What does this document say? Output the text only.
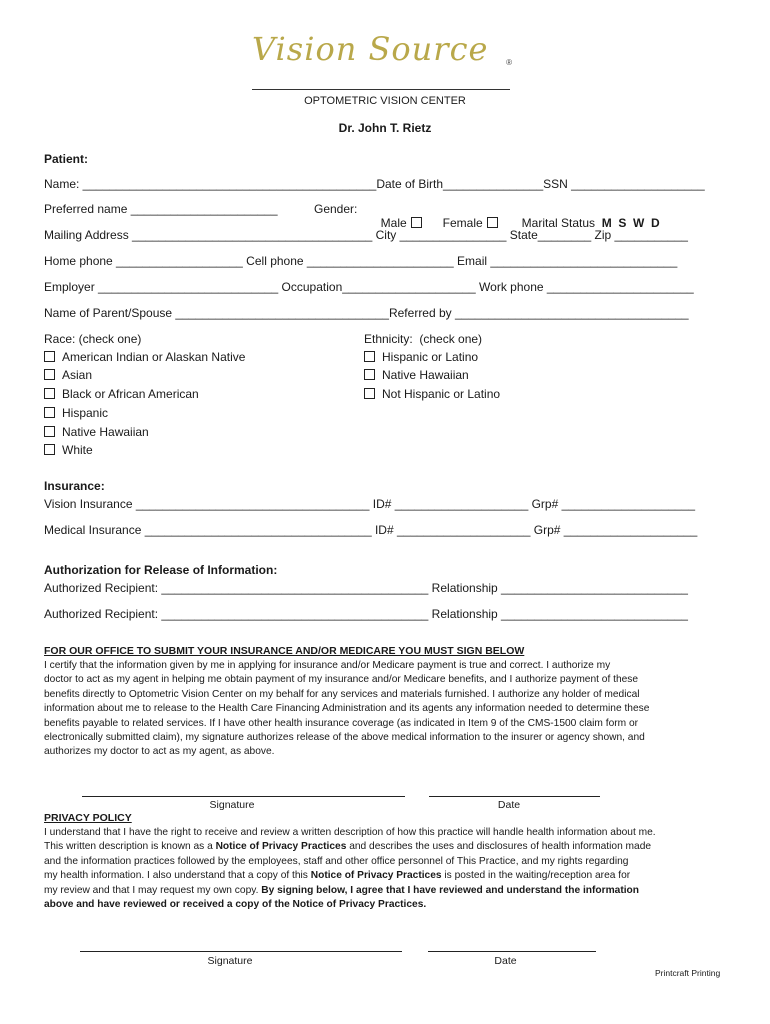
Vision Source ®
OPTOMETRIC VISION CENTER
Dr. John T. Rietz
Patient:
Name: ____________________________________________Date of Birth_______________SSN ____________________
Preferred name ______________________	Gender:

Male	Female	Marital Status M  S  W  D

Mailing Address ____________________________________ City ________________ State________ Zip ___________
Home phone ___________________ Cell phone ______________________ Email ____________________________
Employer ___________________________ Occupation____________________ Work phone ______________________
Name of Parent/Spouse ________________________________Referred by ___________________________________
Race: (check one)
American Indian or Alaskan Native
Asian
Black or African American
Hispanic
Native Hawaiian
White
Ethnicity:  (check one)
Hispanic or Latino
Native Hawaiian
Not Hispanic or Latino
Insurance:
Vision Insurance ___________________________________ ID# ____________________ Grp# ____________________
Medical Insurance __________________________________ ID# ____________________ Grp# ____________________
Authorization for Release of Information:
Authorized Recipient: ________________________________________ Relationship ____________________________
Authorized Recipient: ________________________________________ Relationship ____________________________
FOR OUR OFFICE TO SUBMIT YOUR INSURANCE AND/OR MEDICARE YOU MUST SIGN BELOW
I certify that the information given by me in applying for insurance and/or Medicare payment is true and correct. I authorize my
doctor to act as my agent in helping me obtain payment of my insurance and/or Medicare benefits, and I authorize payment of these
benefits directly to Optometric Vision Center on my behalf for any services and materials furnished. I authorize any holder of medical
information about me to release to the Health Care Financing Administration and its agents any information needed to determine these
benefits payable to related services. If I have other health insurance coverage (as indicated in Item 9 of the CMS-1500 claim form or
electronically submitted claim), my signature authorizes release of the above medical information to the insurer or agency shown, and
authorizes my doctor to act as my agent, as above.
Signature	Date
PRIVACY POLICY
I understand that I have the right to receive and review a written description of how this practice will handle health information about me.
This written description is known as a Notice of Privacy Practices and describes the uses and disclosures of health information made
and the information practices followed by the employees, staff and other office personnel of This Practice, and my rights regarding
my health information. I also understand that a copy of this Notice of Privacy Practices is posted in the waiting/reception area for
my review and that I may request my own copy. By signing below, I agree that I have reviewed and understand the information
above and have reviewed or received a copy of the Notice of Privacy Practices.
Signature	Date
Printcraft Printing
